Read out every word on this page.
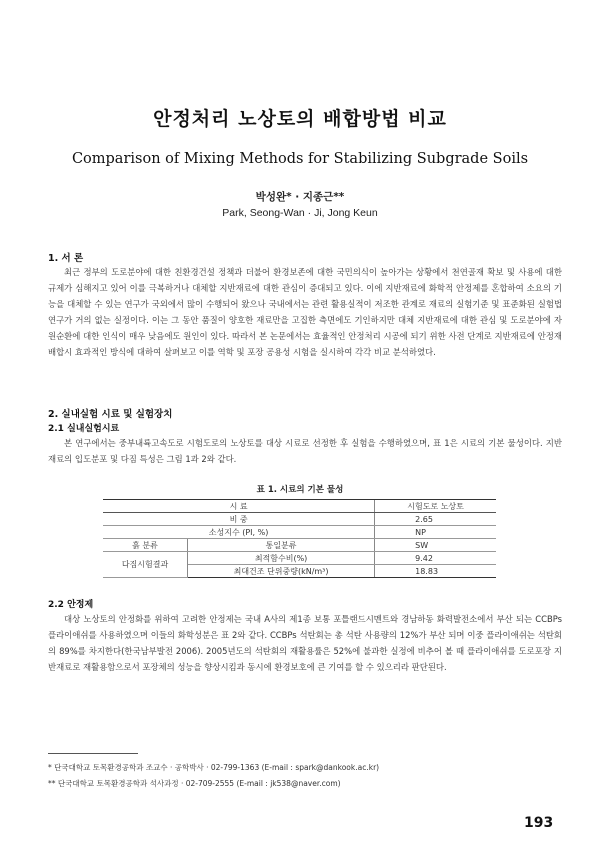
안정처리 노상토의 배합방법 비교
Comparison of Mixing Methods for Stabilizing Subgrade Soils
박성완* · 지종근**
Park, Seong-Wan · Ji, Jong Keun
1. 서 론

최근 정부의 도로분야에 대한 친환경건설 정책과 더불어 환경보존에 대한 국민의식이 높아가는 상황에서 천연골재 확보 및 사용에 대한 규제가 심해지고 있어 이를 극복하거나 대체할 지반재료에 대한 관심이 증대되고 있다. 이에 지반재료에 화학적 안정제를 혼합하여 소요의 기능을 대체할 수 있는 연구가 국외에서 많이 수행되어 왔으나 국내에서는 관련 활용실적이 저조한 관계로 재료의 실험기준 및 표준화된 실험법 연구가 거의 없는 실정이다. 이는 그 동안 품질이 양호한 재료만을 고집한 측면에도 기인하지만 대체 지반재료에 대한 관심 및 도로분야에 자원순환에 대한 인식이 매우 낮음에도 원인이 있다. 따라서 본 논문에서는 효율적인 안정처리 시공에 되기 위한 사전 단계로 지반재료에 안정재 배합시 효과적인 방식에 대하여 살펴보고 이를 역학 및 포장 공용성 시험을 실시하여 각각 비교 분석하였다.

2. 실내실험 시료 및 실험장치
2.1 실내실험시료

본 연구에서는 중부내륙고속도로 시험도로의 노상토를 대상 시료로 선정한 후 실험을 수행하였으며, 표 1은 시료의 기본 물성이다. 지반재료의 입도분포 및 다짐 특성은 그림 1과 2와 같다.

표 1. 시료의 기본 물성
시 료		시험도로 노상토
비 중		2.65
소성지수 (PI, %)		NP
흙 분류	통일분류	SW
다짐시험결과	최적함수비(%)	9.42
	최대건조 단위중량(kN/m³)	18.83
2.2 안정제

대상 노상토의 안정화를 위하여 고려한 안정제는 국내 A사의 제1종 보통 포틀랜드시멘트와 경남하동 화력발전소에서 부산 되는 CCBPs 플라이애쉬를 사용하였으며 이들의 화학성분은 표 2와 같다. CCBPs 석탄회는 총 석탄 사용량의 12%가 부산 되며 이중 플라이애쉬는 석탄회의 89%를 차지한다(한국남부발전 2006). 2005년도의 석탄회의 재활용률은 52%에 불과한 실정에 비추어 볼 때 플라이애쉬를 도로포장 지반재료로 재활용함으로서 포장체의 성능을 향상시킴과 동시에 환경보호에 큰 기여를 할 수 있으리라 판단된다.

* 단국대학교 토목환경공학과 조교수 · 공학박사 · 02-799-1363 (E-mail : spark@dankook.ac.kr)
** 단국대학교 토목환경공학과 석사과정 · 02-709-2555 (E-mail : jk538@naver.com)
193
